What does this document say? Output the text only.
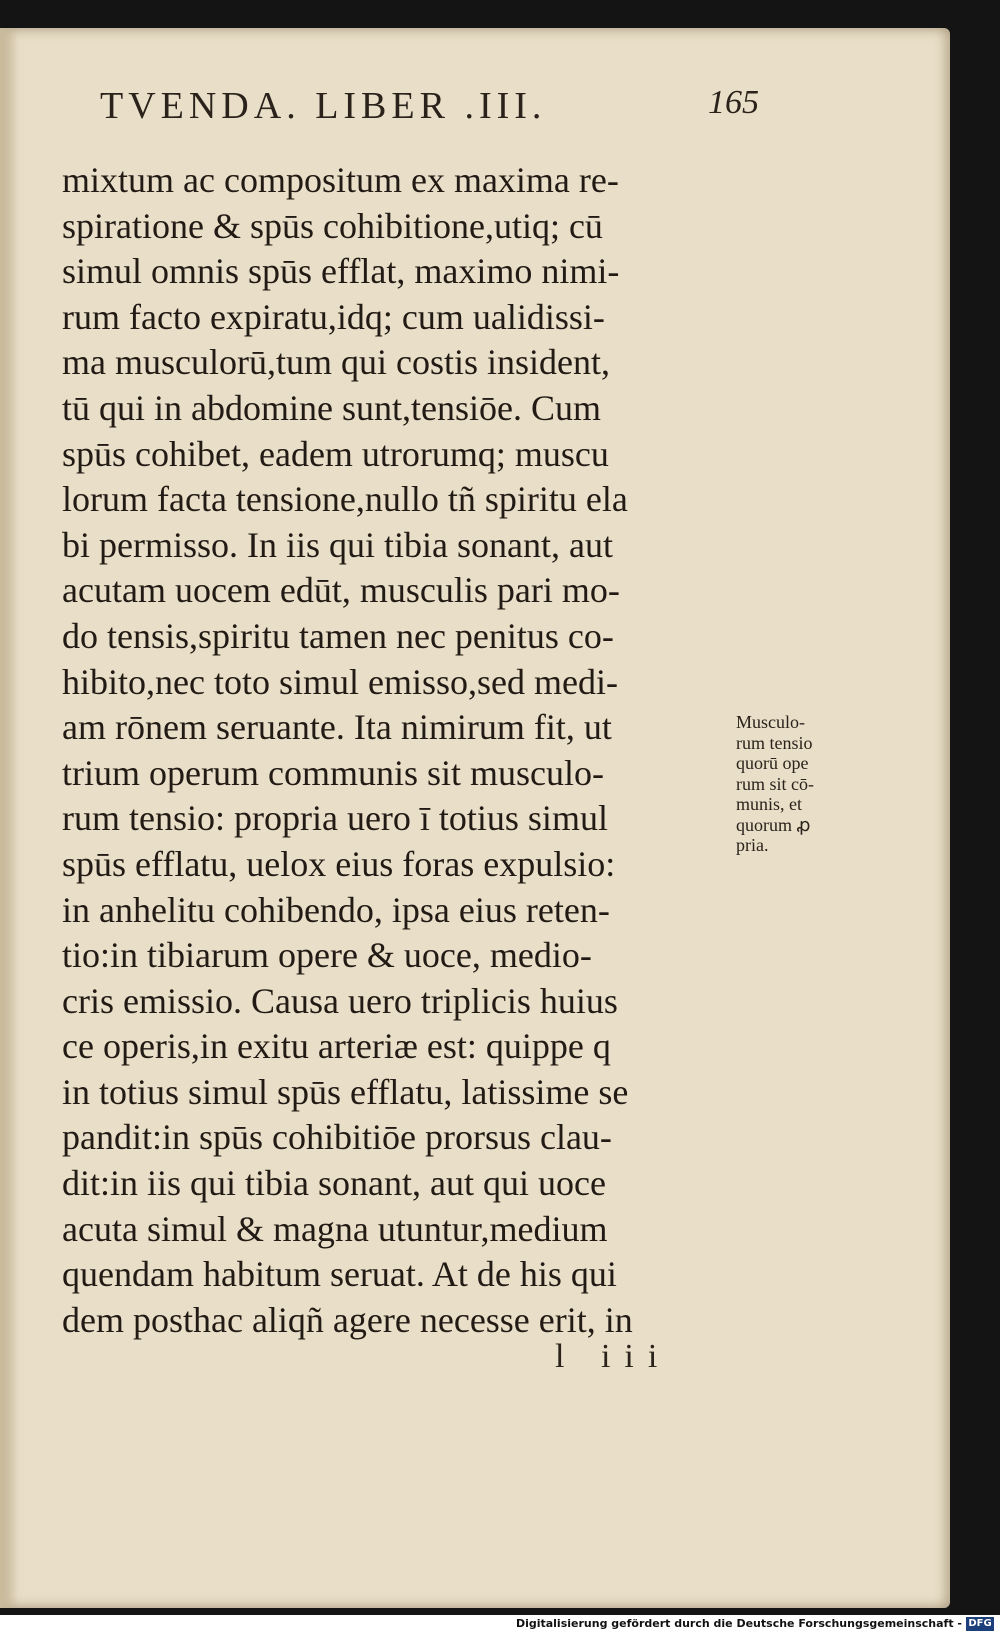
TVENDA. LIBER .III.	165
mixtum ac compositum ex maxima re-
spiratione & spūs cohibitione,utiq; cū
simul omnis spūs efflat, maximo nimi-
rum facto expiratu,idq; cum ualidissi-
ma musculorū,tum qui costis insident,
tū qui in abdomine sunt,tensiōe. Cum
spūs cohibet, eadem utrorumq; muscu
lorum facta tensione,nullo tñ spiritu ela
bi permisso. In iis qui tibia sonant, aut
acutam uocem edūt, musculis pari mo-
do tensis,spiritu tamen nec penitus co-
hibito,nec toto simul emisso,sed medi-
am rōnem seruante. Ita nimirum fit, ut
trium operum communis sit musculo-
rum tensio: propria uero ī totius simul
spūs efflatu, uelox eius foras expulsio:
in anhelitu cohibendo, ipsa eius reten-
tio:in tibiarum opere & uoce, medio-
cris emissio. Causa uero triplicis huius
ce operis,in exitu arteriæ est: quippe q
in totius simul spūs efflatu, latissime se
pandit:in spūs cohibitiōe prorsus clau-
dit:in iis qui tibia sonant, aut qui uoce
acuta simul & magna utuntur,medium
quendam habitum seruat. At de his qui
dem posthac aliqñ agere necesse erit, in
Musculo-
rum tensio
quorū ope
rum sit cō-
munis, et
quorum ꝓ
pria.
l iii
Digitalisierung gefördert durch die Deutsche Forschungsgemeinschaft - DFG
